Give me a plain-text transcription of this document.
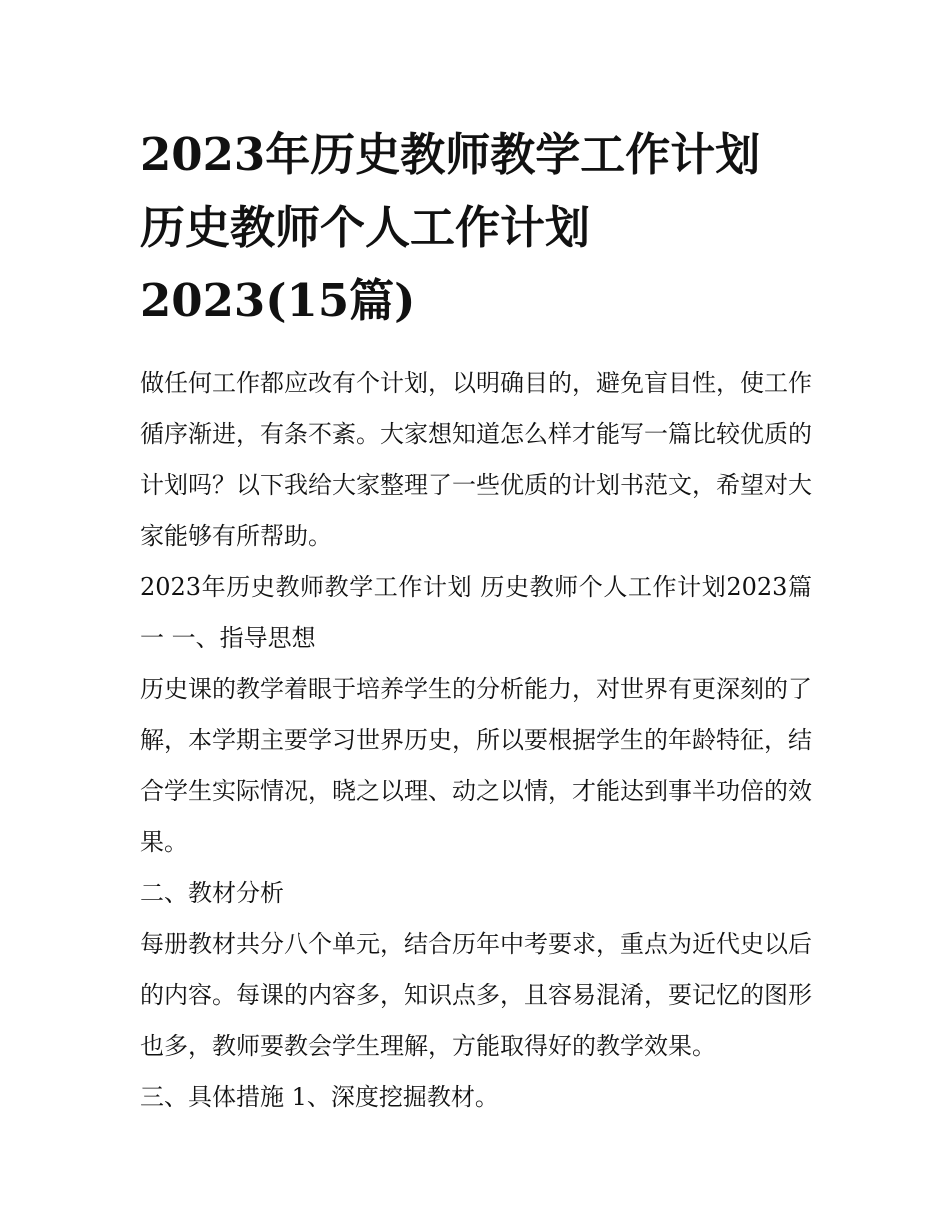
2023年历史教师教学工作计划
历史教师个人工作计划
2023(15篇)

做任何工作都应改有个计划，以明确目的，避免盲目性，使工作循序渐进，有条不紊。大家想知道怎么样才能写一篇比较优质的计划吗？以下我给大家整理了一些优质的计划书范文，希望对大家能够有所帮助。

2023年历史教师教学工作计划 历史教师个人工作计划2023篇一 一、指导思想

历史课的教学着眼于培养学生的分析能力，对世界有更深刻的了解，本学期主要学习世界历史，所以要根据学生的年龄特征，结合学生实际情况，晓之以理、动之以情，才能达到事半功倍的效果。

二、教材分析

每册教材共分八个单元，结合历年中考要求，重点为近代史以后的内容。每课的内容多，知识点多，且容易混淆，要记忆的图形也多，教师要教会学生理解，方能取得好的教学效果。

三、具体措施 1、深度挖掘教材。
